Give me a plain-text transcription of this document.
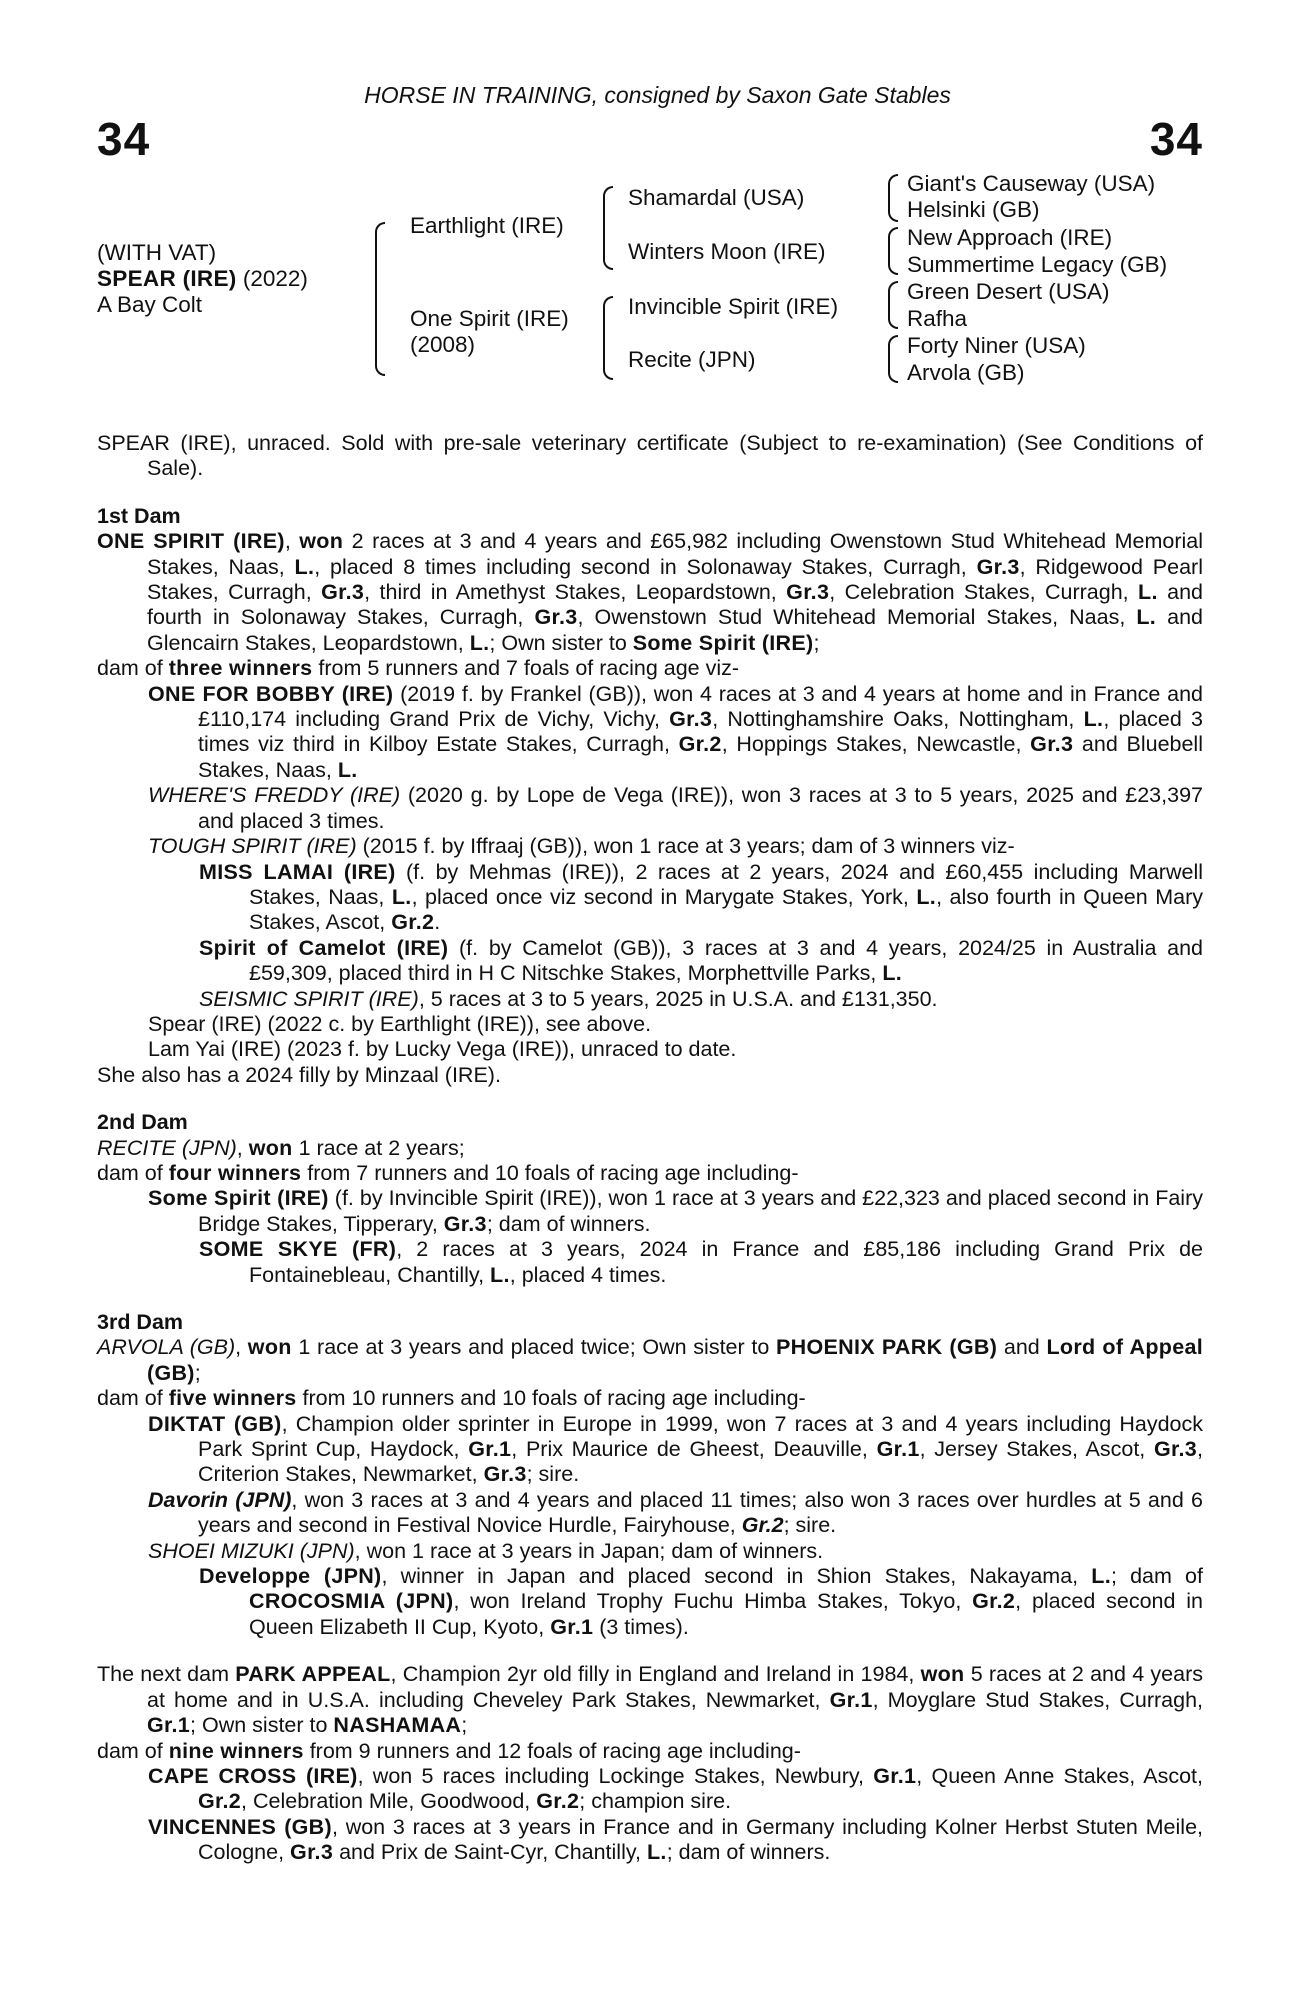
34	34
HORSE IN TRAINING, consigned by Saxon Gate Stables
(WITH VAT)
SPEAR (IRE) (2022)
A Bay Colt
Earthlight (IRE)
One Spirit (IRE)
(2008)
Shamardal (USA)
Winters Moon (IRE)
Invincible Spirit (IRE)
Recite (JPN)
Giant's Causeway (USA)
Helsinki (GB)
New Approach (IRE)
Summertime Legacy (GB)
Green Desert (USA)
Rafha
Forty Niner (USA)
Arvola (GB)

SPEAR (IRE), unraced. Sold with pre-sale veterinary certificate (Subject to re-examination) (See Conditions of Sale).

1st Dam

ONE SPIRIT (IRE), won 2 races at 3 and 4 years and £65,982 including Owenstown Stud Whitehead Memorial Stakes, Naas, L., placed 8 times including second in Solonaway Stakes, Curragh, Gr.3, Ridgewood Pearl Stakes, Curragh, Gr.3, third in Amethyst Stakes, Leopardstown, Gr.3, Celebration Stakes, Curragh, L. and fourth in Solonaway Stakes, Curragh, Gr.3, Owenstown Stud Whitehead Memorial Stakes, Naas, L. and Glencairn Stakes, Leopardstown, L.; Own sister to Some Spirit (IRE);

dam of three winners from 5 runners and 7 foals of racing age viz-

ONE FOR BOBBY (IRE) (2019 f. by Frankel (GB)), won 4 races at 3 and 4 years at home and in France and £110,174 including Grand Prix de Vichy, Vichy, Gr.3, Nottinghamshire Oaks, Nottingham, L., placed 3 times viz third in Kilboy Estate Stakes, Curragh, Gr.2, Hoppings Stakes, Newcastle, Gr.3 and Bluebell Stakes, Naas, L.

WHERE'S FREDDY (IRE) (2020 g. by Lope de Vega (IRE)), won 3 races at 3 to 5 years, 2025 and £23,397 and placed 3 times.

TOUGH SPIRIT (IRE) (2015 f. by Iffraaj (GB)), won 1 race at 3 years; dam of 3 winners viz-

MISS LAMAI (IRE) (f. by Mehmas (IRE)), 2 races at 2 years, 2024 and £60,455 including Marwell Stakes, Naas, L., placed once viz second in Marygate Stakes, York, L., also fourth in Queen Mary Stakes, Ascot, Gr.2.

Spirit of Camelot (IRE) (f. by Camelot (GB)), 3 races at 3 and 4 years, 2024/25 in Australia and £59,309, placed third in H C Nitschke Stakes, Morphettville Parks, L.

SEISMIC SPIRIT (IRE), 5 races at 3 to 5 years, 2025 in U.S.A. and £131,350.

Spear (IRE) (2022 c. by Earthlight (IRE)), see above.

Lam Yai (IRE) (2023 f. by Lucky Vega (IRE)), unraced to date.

She also has a 2024 filly by Minzaal (IRE).

2nd Dam

RECITE (JPN), won 1 race at 2 years;

dam of four winners from 7 runners and 10 foals of racing age including-

Some Spirit (IRE) (f. by Invincible Spirit (IRE)), won 1 race at 3 years and £22,323 and placed second in Fairy Bridge Stakes, Tipperary, Gr.3; dam of winners.

SOME SKYE (FR), 2 races at 3 years, 2024 in France and £85,186 including Grand Prix de Fontainebleau, Chantilly, L., placed 4 times.

3rd Dam

ARVOLA (GB), won 1 race at 3 years and placed twice; Own sister to PHOENIX PARK (GB) and Lord of Appeal (GB);

dam of five winners from 10 runners and 10 foals of racing age including-

DIKTAT (GB), Champion older sprinter in Europe in 1999, won 7 races at 3 and 4 years including Haydock Park Sprint Cup, Haydock, Gr.1, Prix Maurice de Gheest, Deauville, Gr.1, Jersey Stakes, Ascot, Gr.3, Criterion Stakes, Newmarket, Gr.3; sire.

Davorin (JPN), won 3 races at 3 and 4 years and placed 11 times; also won 3 races over hurdles at 5 and 6 years and second in Festival Novice Hurdle, Fairyhouse, Gr.2; sire.

SHOEI MIZUKI (JPN), won 1 race at 3 years in Japan; dam of winners.

Developpe (JPN), winner in Japan and placed second in Shion Stakes, Nakayama, L.; dam of CROCOSMIA (JPN), won Ireland Trophy Fuchu Himba Stakes, Tokyo, Gr.2, placed second in Queen Elizabeth II Cup, Kyoto, Gr.1 (3 times).

The next dam PARK APPEAL, Champion 2yr old filly in England and Ireland in 1984, won 5 races at 2 and 4 years at home and in U.S.A. including Cheveley Park Stakes, Newmarket, Gr.1, Moyglare Stud Stakes, Curragh, Gr.1; Own sister to NASHAMAA;

dam of nine winners from 9 runners and 12 foals of racing age including-

CAPE CROSS (IRE), won 5 races including Lockinge Stakes, Newbury, Gr.1, Queen Anne Stakes, Ascot, Gr.2, Celebration Mile, Goodwood, Gr.2; champion sire.

VINCENNES (GB), won 3 races at 3 years in France and in Germany including Kolner Herbst Stuten Meile, Cologne, Gr.3 and Prix de Saint-Cyr, Chantilly, L.; dam of winners.
